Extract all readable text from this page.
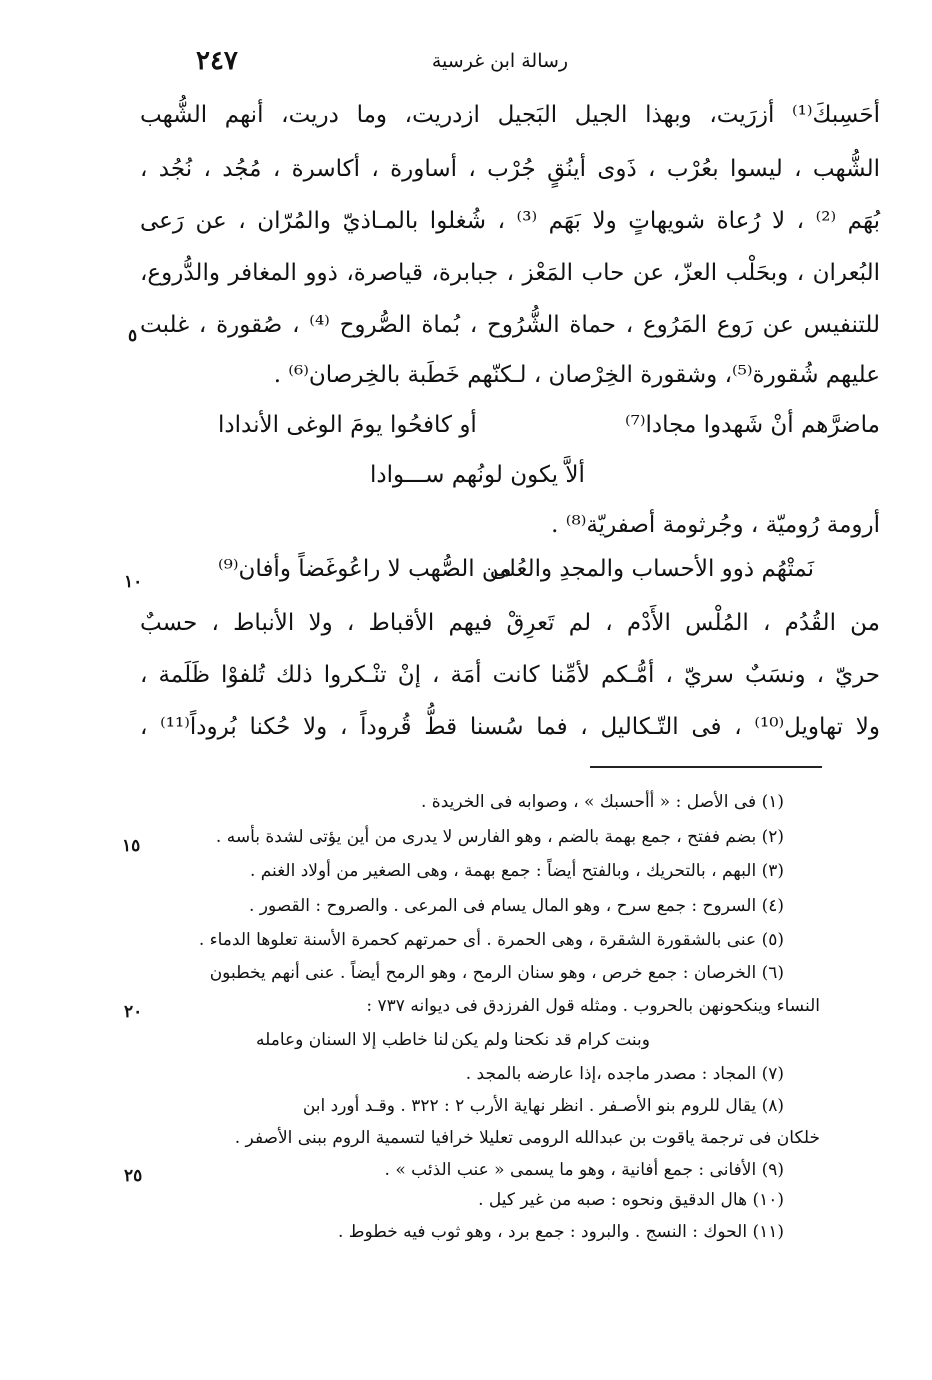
٢٤٧	رسالة ابن غرسية
أحَسِبكَ⁽¹⁾ أزرَيت، وبهذا الجيل البَجيل ازدريت، وما دريت، أنهم الشُّهب
الشُّهب ، ليسوا بعُرْب ، ذَوى أينُقٍ جُرْب ، أساورة ، أكاسرة ، مُجُد ، نُجُد ،
بُهَم ⁽²⁾ ، لا رُعاة شويهاتٍ ولا بَهَم ⁽³⁾ ، شُغلوا بالمـاذيّ والمُرّان ، عن رَعى
البُعران ، وبحَلْب العزّ، عن حاب المَعْز ، جبابرة، قياصرة، ذوو المغافر والدُّروع،
للتنفيس عن رَوع المَرُوع ، حماة الشُّرُوح ، بُماة الصُّروح ⁽⁴⁾ ، صُقورة ، غلبت
٥
عليهم شُقورة⁽⁵⁾، وشقورة الخِرْصان ، لـكنّهم خَطَبة بالخِرصان⁽⁶⁾ .
ماضرَّهم أنْ شَهدوا مجادا⁽⁷⁾
أو كافحُوا يومَ الوغى الأندادا
ألاَّ يكون لونُهم ســـوادا
أرومة رُوميّة ، وجُرثومة أصفريّة⁽⁸⁾ .
١٠	نَمتْهُم ذوو الأحساب والمجدِ والعُلى
من الصُّهب لا راعُوغَضاً وأفان⁽⁹⁾
من القُدُم ، المُلْس الأَدْم ، لم تَعرِقْ فيهم الأقباط ، ولا الأنباط ، حسبٌ
حريّ ، ونسَبٌ سريّ ، أمُّـكم لأمِّنا كانت أمَة ، إنْ تنْـكروا ذلك تُلفوْا ظَلَمة ،
ولا تهاويل⁽¹⁰⁾ ، فى التّـكاليل ، فما سُسنا قطُّ قُروداً ، ولا حُكنا بُروداً⁽¹¹⁾ ،
(١) فى الأصل : « أأحسبك » ، وصوابه فى الخريدة .
(٢) بضم ففتح ، جمع بهمة بالضم ، وهو الفارس لا يدرى من أين يؤتى لشدة بأسه .
١٥
(٣) البهم ، بالتحريك ، وبالفتح أيضاً : جمع بهمة ، وهى الصغير من أولاد الغنم .
(٤) السروح : جمع سرح ، وهو المال يسام فى المرعى . والصروح : القصور .
(٥) عنى بالشقورة الشقرة ، وهى الحمرة . أى حمرتهم كحمرة الأسنة تعلوها الدماء .
(٦) الخرصان : جمع خرص ، وهو سنان الرمح ، وهو الرمح أيضاً . عنى أنهم يخطبون
النساء وينكحونهن بالحروب . ومثله قول الفرزدق فى ديوانه ٧٣٧ :
٢٠
وبنت كرام قد نكحنا ولم يكن
لنا خاطب إلا السنان وعامله
(٧) المجاد : مصدر ماجده ،إذا عارضه بالمجد .
(٨) يقال للروم بنو الأصـفر . انظر نهاية الأرب ٢ : ٣٢٢ . وقـد أورد ابن
خلكان فى ترجمة ياقوت بن عبدالله الرومى تعليلا خرافيا لتسمية الروم ببنى الأصفر .
(٩) الأفانى : جمع أفانية ، وهو ما يسمى « عنب الذئب » .
٢٥
(١٠) هال الدقيق ونحوه : صبه من غير كيل .
(١١) الحوك : النسج . والبرود : جمع برد ، وهو ثوب فيه خطوط .
